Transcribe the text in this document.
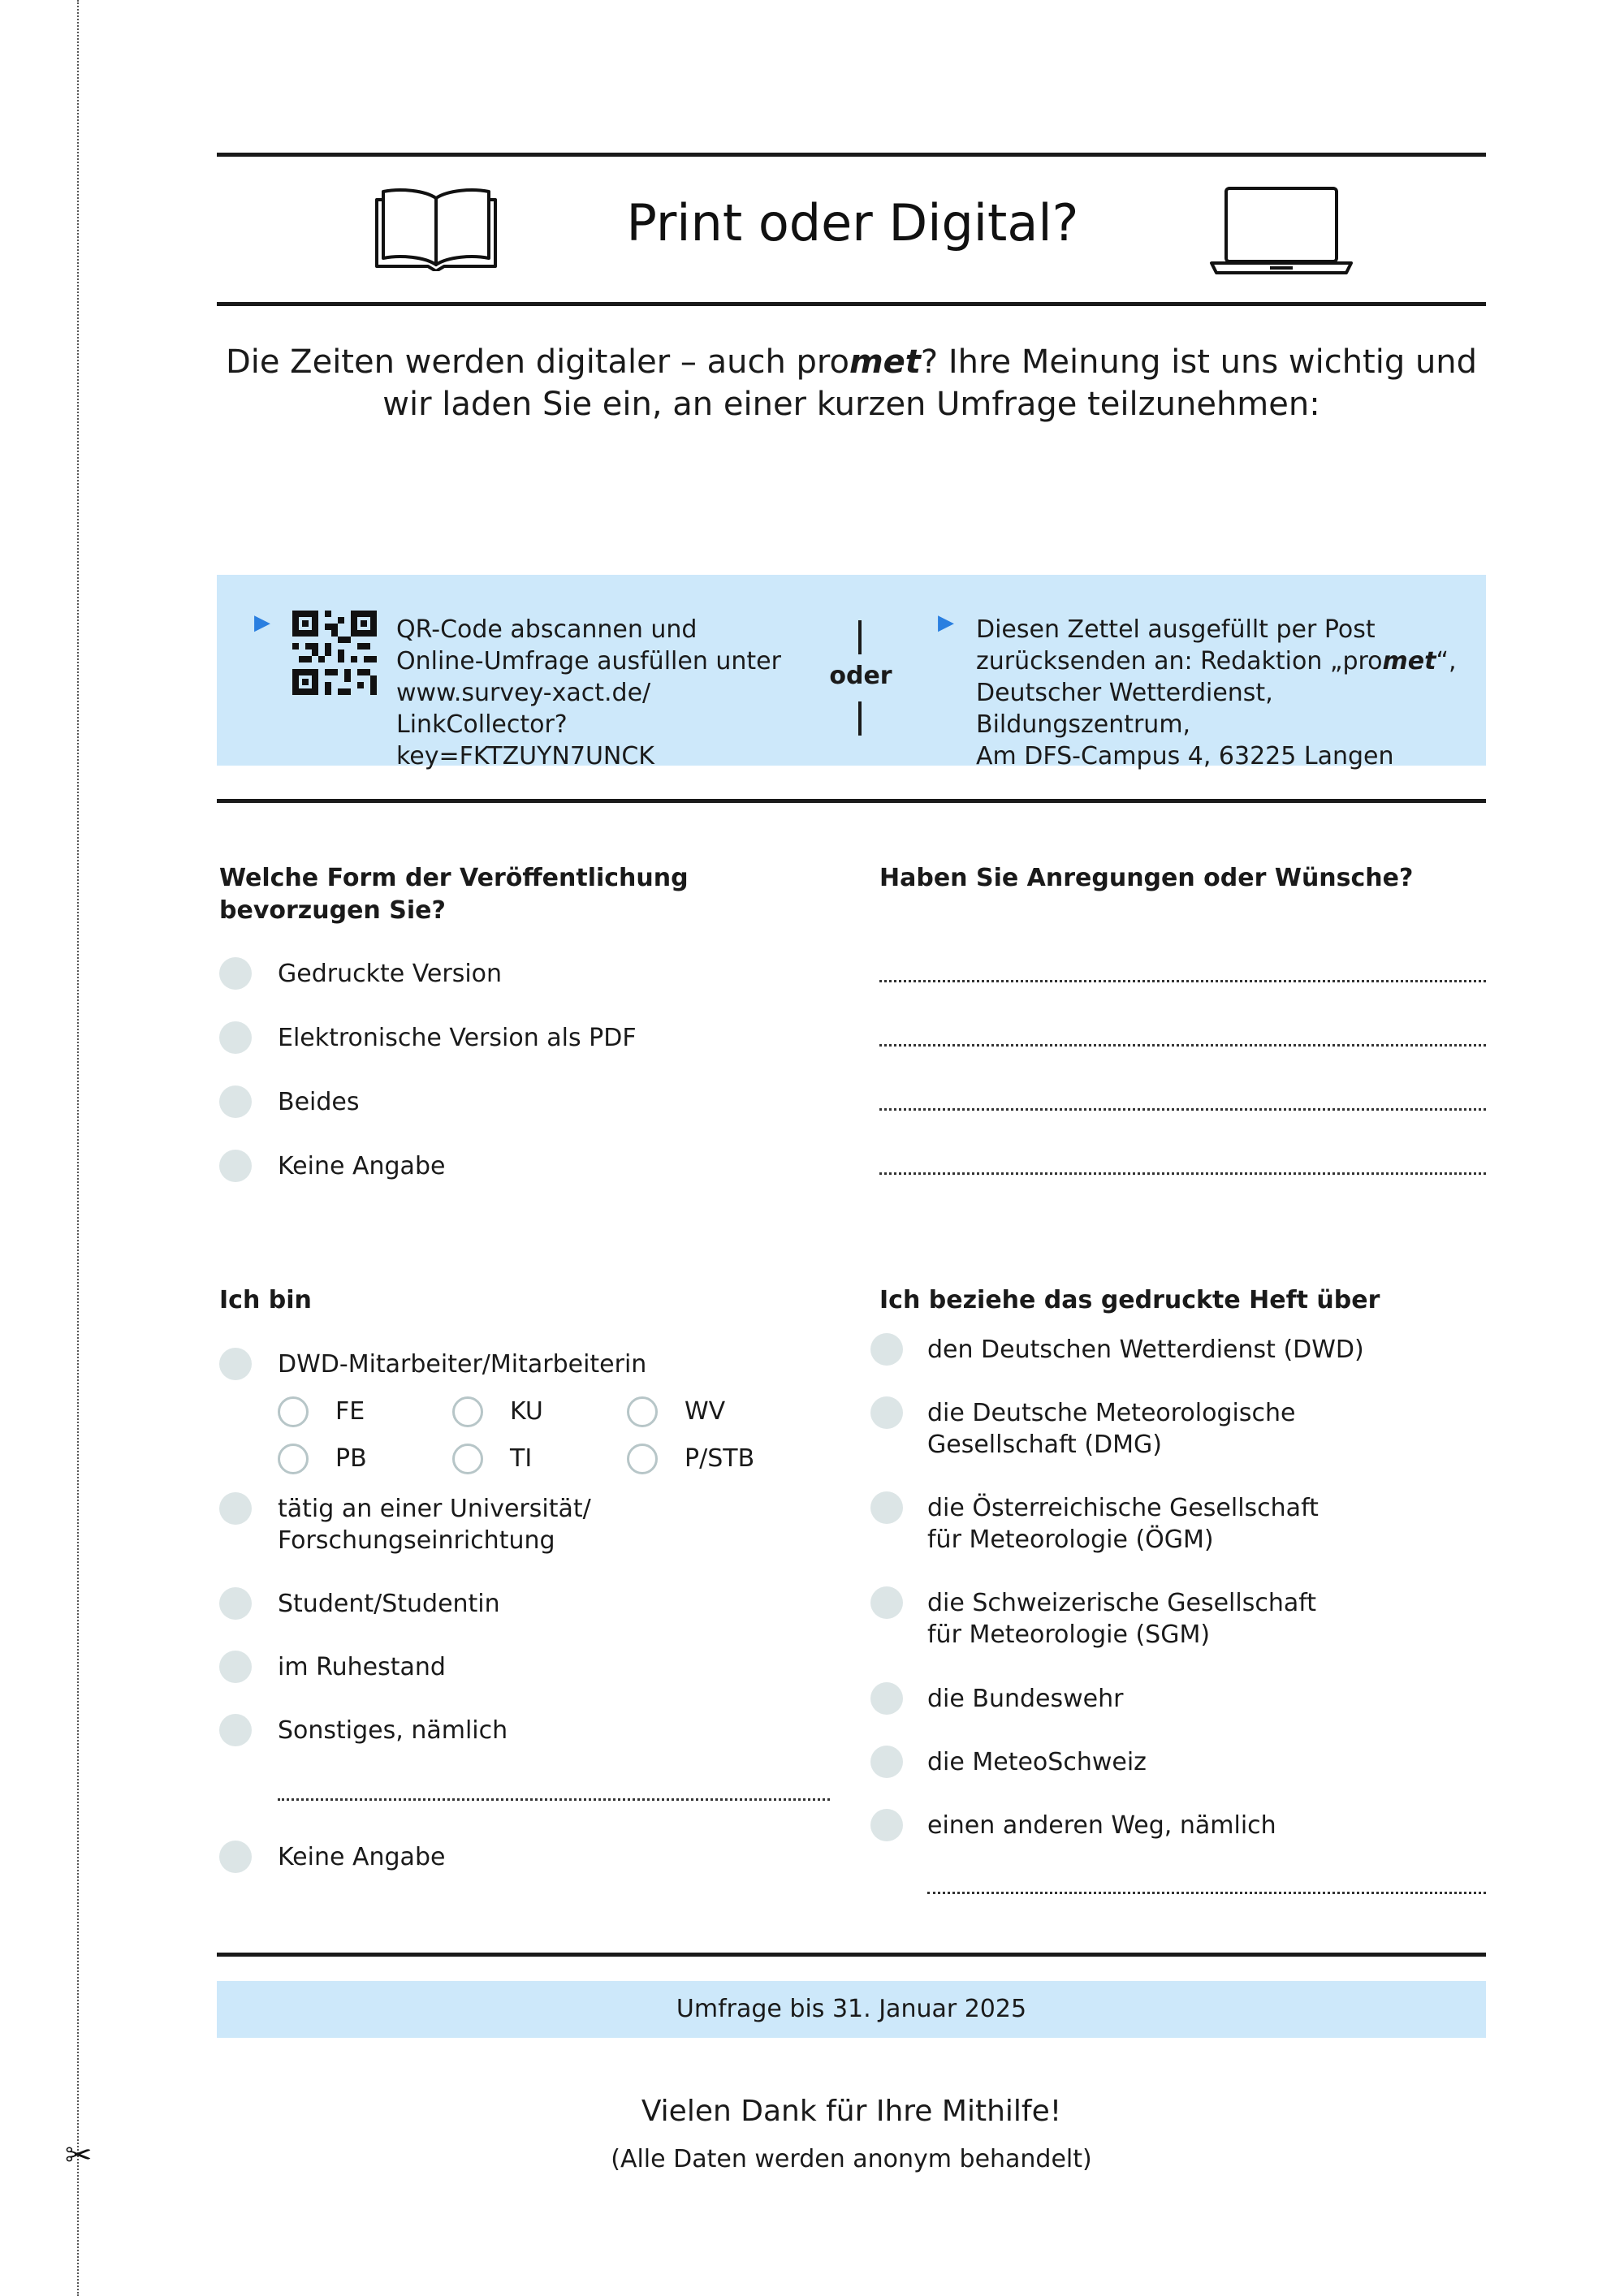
✂
Print oder Digital?
Die Zeiten werden digitaler – auch promet? Ihre Meinung ist uns wichtig und
wir laden Sie ein, an einer kurzen Umfrage teilzunehmen:
▶	QR-Code abscannen und
Online-Umfrage ausfüllen unter
www.survey-xact.de/
LinkCollector?key=FKTZUYN7UNCK
oder
▶ Diesen Zettel ausgefüllt per Post
zurücksenden an: Redaktion „promet“,
Deutscher Wetterdienst, Bildungszentrum,
Am DFS-Campus 4, 63225 Langen
Welche Form der Veröffentlichung
bevorzugen Sie?
Gedruckte Version
Elektronische Version als PDF
Beides
Keine Angabe
Haben Sie Anregungen oder Wünsche?
Ich bin
DWD-Mitarbeiter/Mitarbeiterin
FE	KU	WV
PB	TI	P/STB
tätig an einer Universität/
Forschungseinrichtung
Student/Studentin
im Ruhestand
Sonstiges, nämlich
Keine Angabe
Ich beziehe das gedruckte Heft über
den Deutschen Wetterdienst (DWD)
die Deutsche Meteorologische
Gesellschaft (DMG)
die Österreichische Gesellschaft
für Meteorologie (ÖGM)
die Schweizerische Gesellschaft
für Meteorologie (SGM)
die Bundeswehr
die MeteoSchweiz
einen anderen Weg, nämlich
Umfrage bis 31. Januar 2025
Vielen Dank für Ihre Mithilfe!
(Alle Daten werden anonym behandelt)
